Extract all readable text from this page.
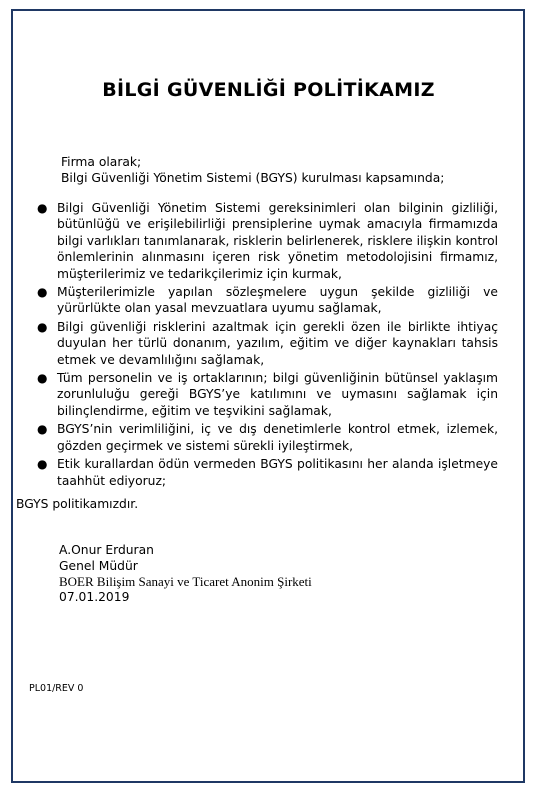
BİLGİ GÜVENLİĞİ POLİTİKAMIZ
Firma olarak;
Bilgi Güvenliği Yönetim Sistemi (BGYS) kurulması kapsamında;
● Bilgi Güvenliği Yönetim Sistemi gereksinimleri olan bilginin gizliliği, bütünlüğü ve erişilebilirliği prensiplerine uymak amacıyla firmamızda bilgi varlıkları tanımlanarak, risklerin belirlenerek, risklere ilişkin kontrol önlemlerinin alınmasını içeren risk yönetim metodolojisini firmamız, müşterilerimiz ve tedarikçilerimiz için kurmak,
● Müşterilerimizle yapılan sözleşmelere uygun şekilde gizliliği ve yürürlükte olan yasal mevzuatlara uyumu sağlamak,
● Bilgi güvenliği risklerini azaltmak için gerekli özen ile birlikte ihtiyaç duyulan her türlü donanım, yazılım, eğitim ve diğer kaynakları tahsis etmek ve devamlılığını sağlamak,
● Tüm personelin ve iş ortaklarının; bilgi güvenliğinin bütünsel yaklaşım zorunluluğu gereği BGYS’ye katılımını ve uymasını sağlamak için bilinçlendirme, eğitim ve teşvikini sağlamak,
● BGYS’nin verimliliğini, iç ve dış denetimlerle kontrol etmek, izlemek, gözden geçirmek ve sistemi sürekli iyileştirmek,
● Etik kurallardan ödün vermeden BGYS politikasını her alanda işletmeye taahhüt ediyoruz;
BGYS politikamızdır.
A.Onur Erduran
Genel Müdür
BOER Bilişim Sanayi ve Ticaret Anonim Şirketi
07.01.2019
PL01/REV 0
